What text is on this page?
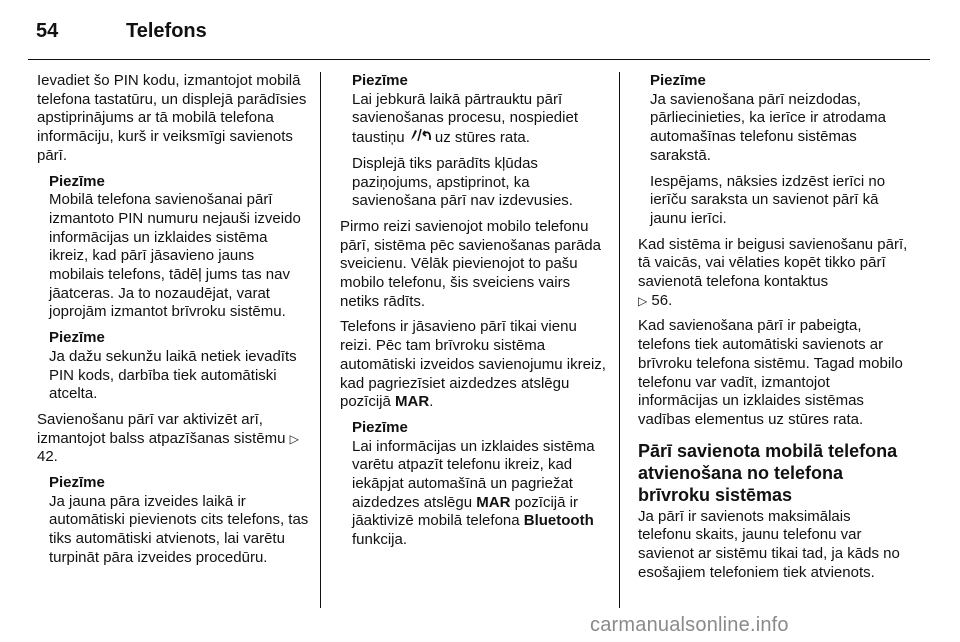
54	Telefons

Ievadiet šo PIN kodu, izmantojot mobilā telefona tastatūru, un displejā parādīsies apstiprinājums ar tā mobilā telefona informāciju, kurš ir veiksmīgi savienots pārī.

Piezīme

Mobilā telefona savienošanai pārī izmantoto PIN numuru nejauši izveido informācijas un izklaides sistēma ikreiz, kad pārī jāsavieno jauns mobilais telefons, tādēļ jums tas nav jāatceras. Ja to nozaudējat, varat joprojām izmantot brīvroku sistēmu.

Piezīme

Ja dažu sekunžu laikā netiek ievadīts PIN kods, darbība tiek automātiski atcelta.

Savienošanu pārī var aktivizēt arī, izmantojot balss atpazīšanas sistēmu ▷ 42.

Piezīme

Ja jauna pāra izveides laikā ir automātiski pievienots cits telefons, tas tiks automātiski atvienots, lai varētu turpināt pāra izveides procedūru.

Piezīme

Lai jebkurā laikā pārtrauktu pārī savienošanas procesu, nospiediet taustiņu uz stūres rata.

Displejā tiks parādīts kļūdas paziņojums, apstiprinot, ka savienošana pārī nav izdevusies.

Pirmo reizi savienojot mobilo telefonu pārī, sistēma pēc savienošanas parāda sveicienu. Vēlāk pievienojot to pašu mobilo telefonu, šis sveiciens vairs netiks rādīts.

Telefons ir jāsavieno pārī tikai vienu reizi. Pēc tam brīvroku sistēma automātiski izveidos savienojumu ikreiz, kad pagriezīsiet aizdedzes atslēgu pozīcijā MAR.

Piezīme

Lai informācijas un izklaides sistēma varētu atpazīt telefonu ikreiz, kad iekāpjat automašīnā un pagriežat aizdedzes atslēgu MAR pozīcijā ir jāaktivizē mobilā telefona Bluetooth funkcija.

Piezīme

Ja savienošana pārī neizdodas, pārliecinieties, ka ierīce ir atrodama automašīnas telefonu sistēmas sarakstā.

Iespējams, nāksies izdzēst ierīci no ierīču saraksta un savienot pārī kā jaunu ierīci.

Kad sistēma ir beigusi savienošanu pārī, tā vaicās, vai vēlaties kopēt tikko pārī savienotā telefona kontaktus
▷ 56.

Kad savienošana pārī ir pabeigta, telefons tiek automātiski savienots ar brīvroku telefona sistēmu. Tagad mobilo telefonu var vadīt, izmantojot informācijas un izklaides sistēmas vadības elementus uz stūres rata.

Pārī savienota mobilā telefona atvienošana no telefona brīvroku sistēmas

Ja pārī ir savienots maksimālais telefonu skaits, jaunu telefonu var savienot ar sistēmu tikai tad, ja kāds no esošajiem telefoniem tiek atvienots.

carmanualsonline.info
